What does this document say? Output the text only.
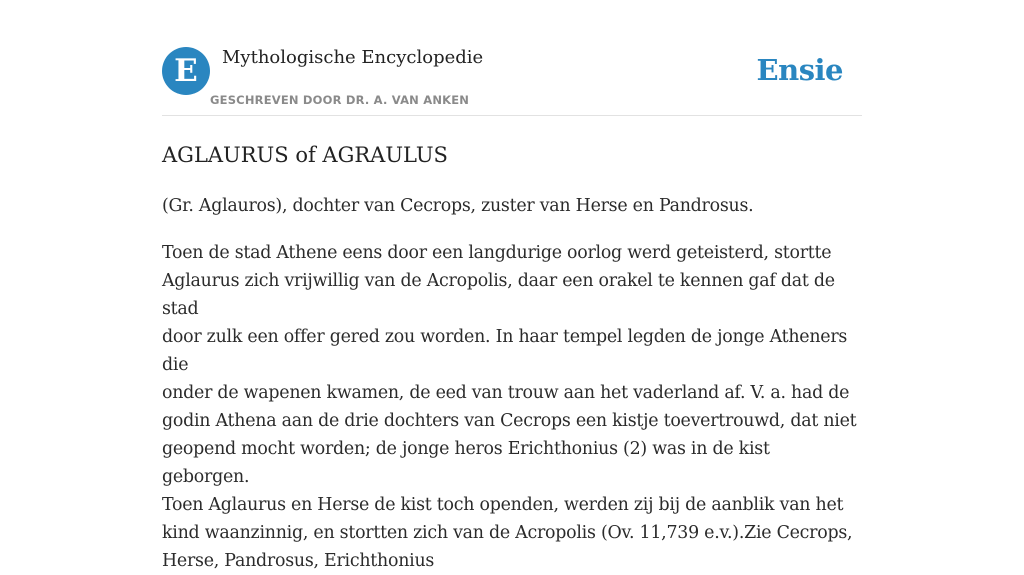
E	Mythologische Encyclopedie
GESCHREVEN DOOR DR. A. VAN ANKEN
Ensie
AGLAURUS of AGRAULUS

(Gr. Aglauros), dochter van Cecrops, zuster van Herse en Pandrosus.

Toen de stad Athene eens door een langdurige oorlog werd geteisterd, stortte
Aglaurus zich vrijwillig van de Acropolis, daar een orakel te kennen gaf dat de stad
door zulk een offer gered zou worden. In haar tempel legden de jonge Atheners die
onder de wapenen kwamen, de eed van trouw aan het vaderland af. V. a. had de
godin Athena aan de drie dochters van Cecrops een kistje toevertrouwd, dat niet
geopend mocht worden; de jonge heros Erichthonius (2) was in de kist geborgen.
Toen Aglaurus en Herse de kist toch openden, werden zij bij de aanblik van het
kind waanzinnig, en stortten zich van de Acropolis (Ov. 11,739 e.v.).Zie Cecrops,
Herse, Pandrosus, Erichthonius
